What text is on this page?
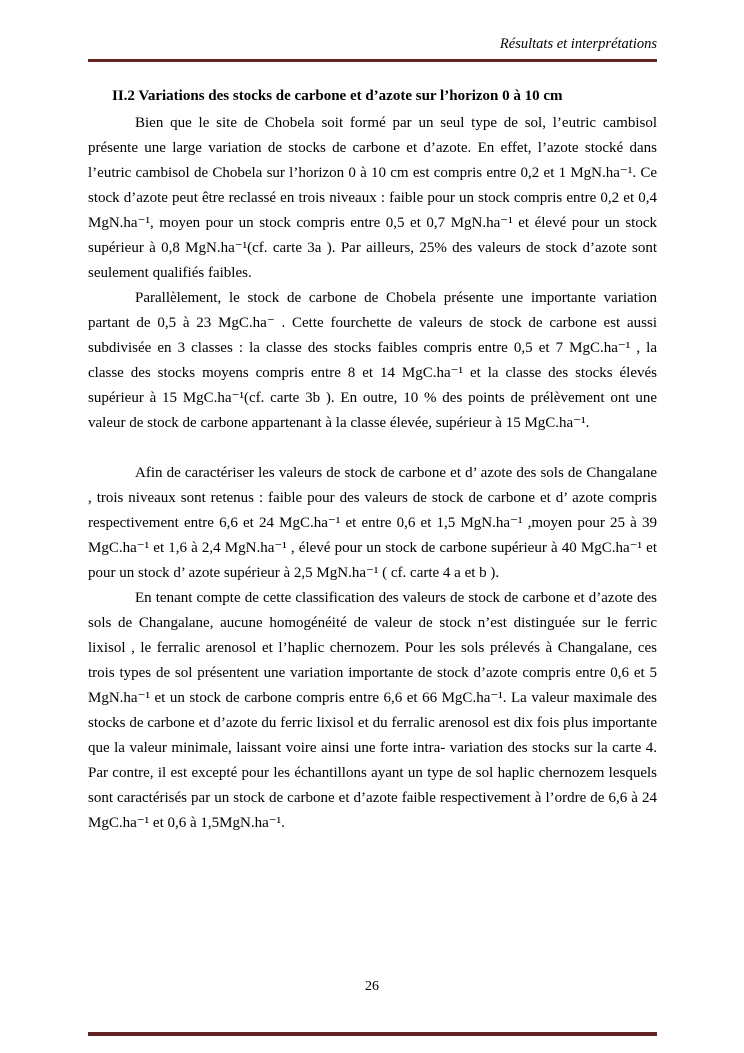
Résultats et interprétations
II.2 Variations des stocks de carbone et d’azote sur l’horizon 0 à 10 cm

Bien que le site de Chobela soit formé par un seul type de sol, l’eutric cambisol présente une large variation de stocks de carbone et d’azote. En effet, l’azote stocké dans l’eutric cambisol de Chobela sur l’horizon 0 à 10 cm est compris entre 0,2 et 1 MgN.ha⁻¹. Ce stock d’azote peut être reclassé en trois niveaux : faible pour un stock compris entre 0,2 et 0,4 MgN.ha⁻¹, moyen pour un stock compris entre 0,5 et 0,7 MgN.ha⁻¹ et élevé pour un stock supérieur à 0,8 MgN.ha⁻¹(cf. carte 3a ). Par ailleurs, 25% des valeurs de stock d’azote sont seulement qualifiés faibles.

Parallèlement, le stock de carbone de Chobela présente une importante variation partant de 0,5 à 23 MgC.ha⁻ . Cette fourchette de valeurs de stock de carbone est aussi subdivisée en 3 classes : la classe des stocks faibles compris entre 0,5 et 7 MgC.ha⁻¹ , la classe des stocks moyens compris entre 8 et 14 MgC.ha⁻¹ et la classe des stocks élevés supérieur à 15 MgC.ha⁻¹(cf. carte 3b ). En outre, 10 % des points de prélèvement ont une valeur de stock de carbone appartenant à la classe élevée, supérieur à 15 MgC.ha⁻¹.

Afin de caractériser les valeurs de stock de carbone et d’ azote des sols de Changalane , trois niveaux sont retenus : faible pour des valeurs de stock de carbone et d’ azote compris respectivement entre 6,6 et 24 MgC.ha⁻¹ et entre 0,6 et 1,5 MgN.ha⁻¹ ,moyen pour 25 à 39 MgC.ha⁻¹ et 1,6 à 2,4 MgN.ha⁻¹ , élevé pour un stock de carbone supérieur à 40 MgC.ha⁻¹ et pour un stock d’ azote supérieur à 2,5 MgN.ha⁻¹ ( cf. carte 4 a et b ).

En tenant compte de cette classification des valeurs de stock de carbone et d’azote des sols de Changalane, aucune homogénéité de valeur de stock n’est distinguée sur le ferric lixisol , le ferralic arenosol et l’haplic chernozem. Pour les sols prélevés à Changalane, ces trois types de sol présentent une variation importante de stock d’azote compris entre 0,6 et 5 MgN.ha⁻¹ et un stock de carbone compris entre 6,6 et 66 MgC.ha⁻¹. La valeur maximale des stocks de carbone et d’azote du ferric lixisol et du ferralic arenosol est dix fois plus importante que la valeur minimale, laissant voire ainsi une forte intra- variation des stocks sur la carte 4. Par contre, il est excepté pour les échantillons ayant un type de sol haplic chernozem lesquels sont caractérisés par un stock de carbone et d’azote faible respectivement à l’ordre de 6,6 à 24 MgC.ha⁻¹ et 0,6 à 1,5MgN.ha⁻¹.

26
